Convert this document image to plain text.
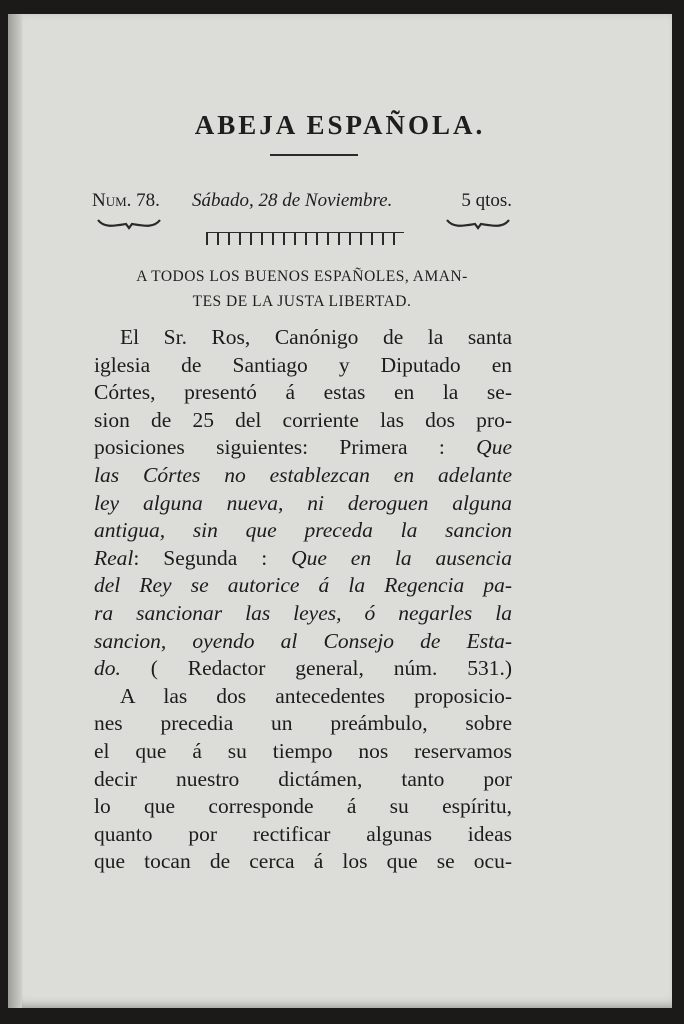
ABEJA ESPAÑOLA.
Num. 78. Sábado, 28 de Noviembre.	5 qtos.
A TODOS LOS BUENOS ESPAÑOLES, AMAN-
TES DE LA JUSTA LIBERTAD.
El Sr. Ros, Canónigo de la santa
iglesia de Santiago y Diputado en
Córtes, presentó á estas en la se-
sion de 25 del corriente las dos pro-
posiciones siguientes: Primera : Que
las Córtes no establezcan en adelante
ley alguna nueva, ni deroguen alguna
antigua, sin que preceda la sancion
Real: Segunda : Que en la ausencia
del Rey se autorice á la Regencia pa-
ra sancionar las leyes, ó negarles la
sancion, oyendo al Consejo de Esta-
do. ( Redactor general, núm. 531.)
A las dos antecedentes proposicio-
nes precedia un preámbulo, sobre
el que á su tiempo nos reservamos
decir nuestro dictámen, tanto por
lo que corresponde á su espíritu,
quanto por rectificar algunas ideas
que tocan de cerca á los que se ocu-
